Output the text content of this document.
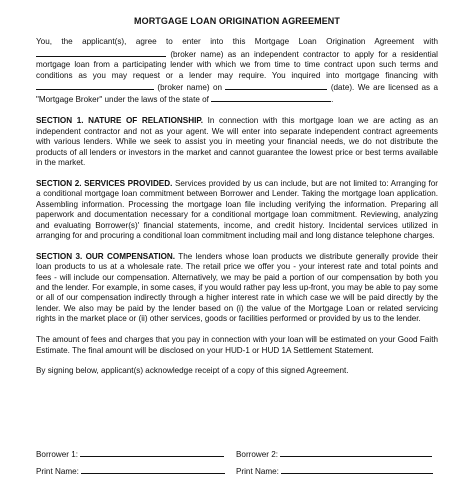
MORTGAGE LOAN ORIGINATION AGREEMENT

You, the applicant(s), agree to enter into this Mortgage Loan Origination Agreement with  (broker name) as an independent contractor to apply for a residential mortgage loan from a participating lender with which we from time to time contract upon such terms and conditions as you may request or a lender may require. You inquired into mortgage financing with  (broker name) on	(date). We are licensed as a "Mortgage Broker" under the laws of the state of	.

SECTION 1. NATURE OF RELATIONSHIP. In connection with this mortgage loan we are acting as an independent contractor and not as your agent. We will enter into separate independent contract agreements with various lenders. While we seek to assist you in meeting your financial needs, we do not distribute the products of all lenders or investors in the market and cannot guarantee the lowest price or best terms available in the market.

SECTION 2. SERVICES PROVIDED. Services provided by us can include, but are not limited to: Arranging for a conditional mortgage loan commitment between Borrower and Lender. Taking the mortgage loan application. Assembling information. Processing the mortgage loan file including verifying the information. Preparing all paperwork and documentation necessary for a conditional mortgage loan commitment. Reviewing, analyzing and evaluating Borrower(s)' financial statements, income, and credit history. Incidental services utilized in arranging for and procuring a conditional loan commitment including mail and long distance telephone charges.

SECTION 3. OUR COMPENSATION. The lenders whose loan products we distribute generally provide their loan products to us at a wholesale rate. The retail price we offer you - your interest rate and total points and fees - will include our compensation. Alternatively, we may be paid a portion of our compensation by both you and the lender. For example, in some cases, if you would rather pay less up-front, you may be able to pay some or all of our compensation indirectly through a higher interest rate in which case we will be paid directly by the lender. We also may be paid by the lender based on (i) the value of the Mortgage Loan or related servicing rights in the market place or (ii) other services, goods or facilities performed or provided by us to the lender.

The amount of fees and charges that you pay in connection with your loan will be estimated on your Good Faith Estimate. The final amount will be disclosed on your HUD-1 or HUD 1A Settlement Statement.

By signing below, applicant(s) acknowledge receipt of a copy of this signed Agreement.

Borrower 1:	Borrower 2:
Print Name:	Print Name:
